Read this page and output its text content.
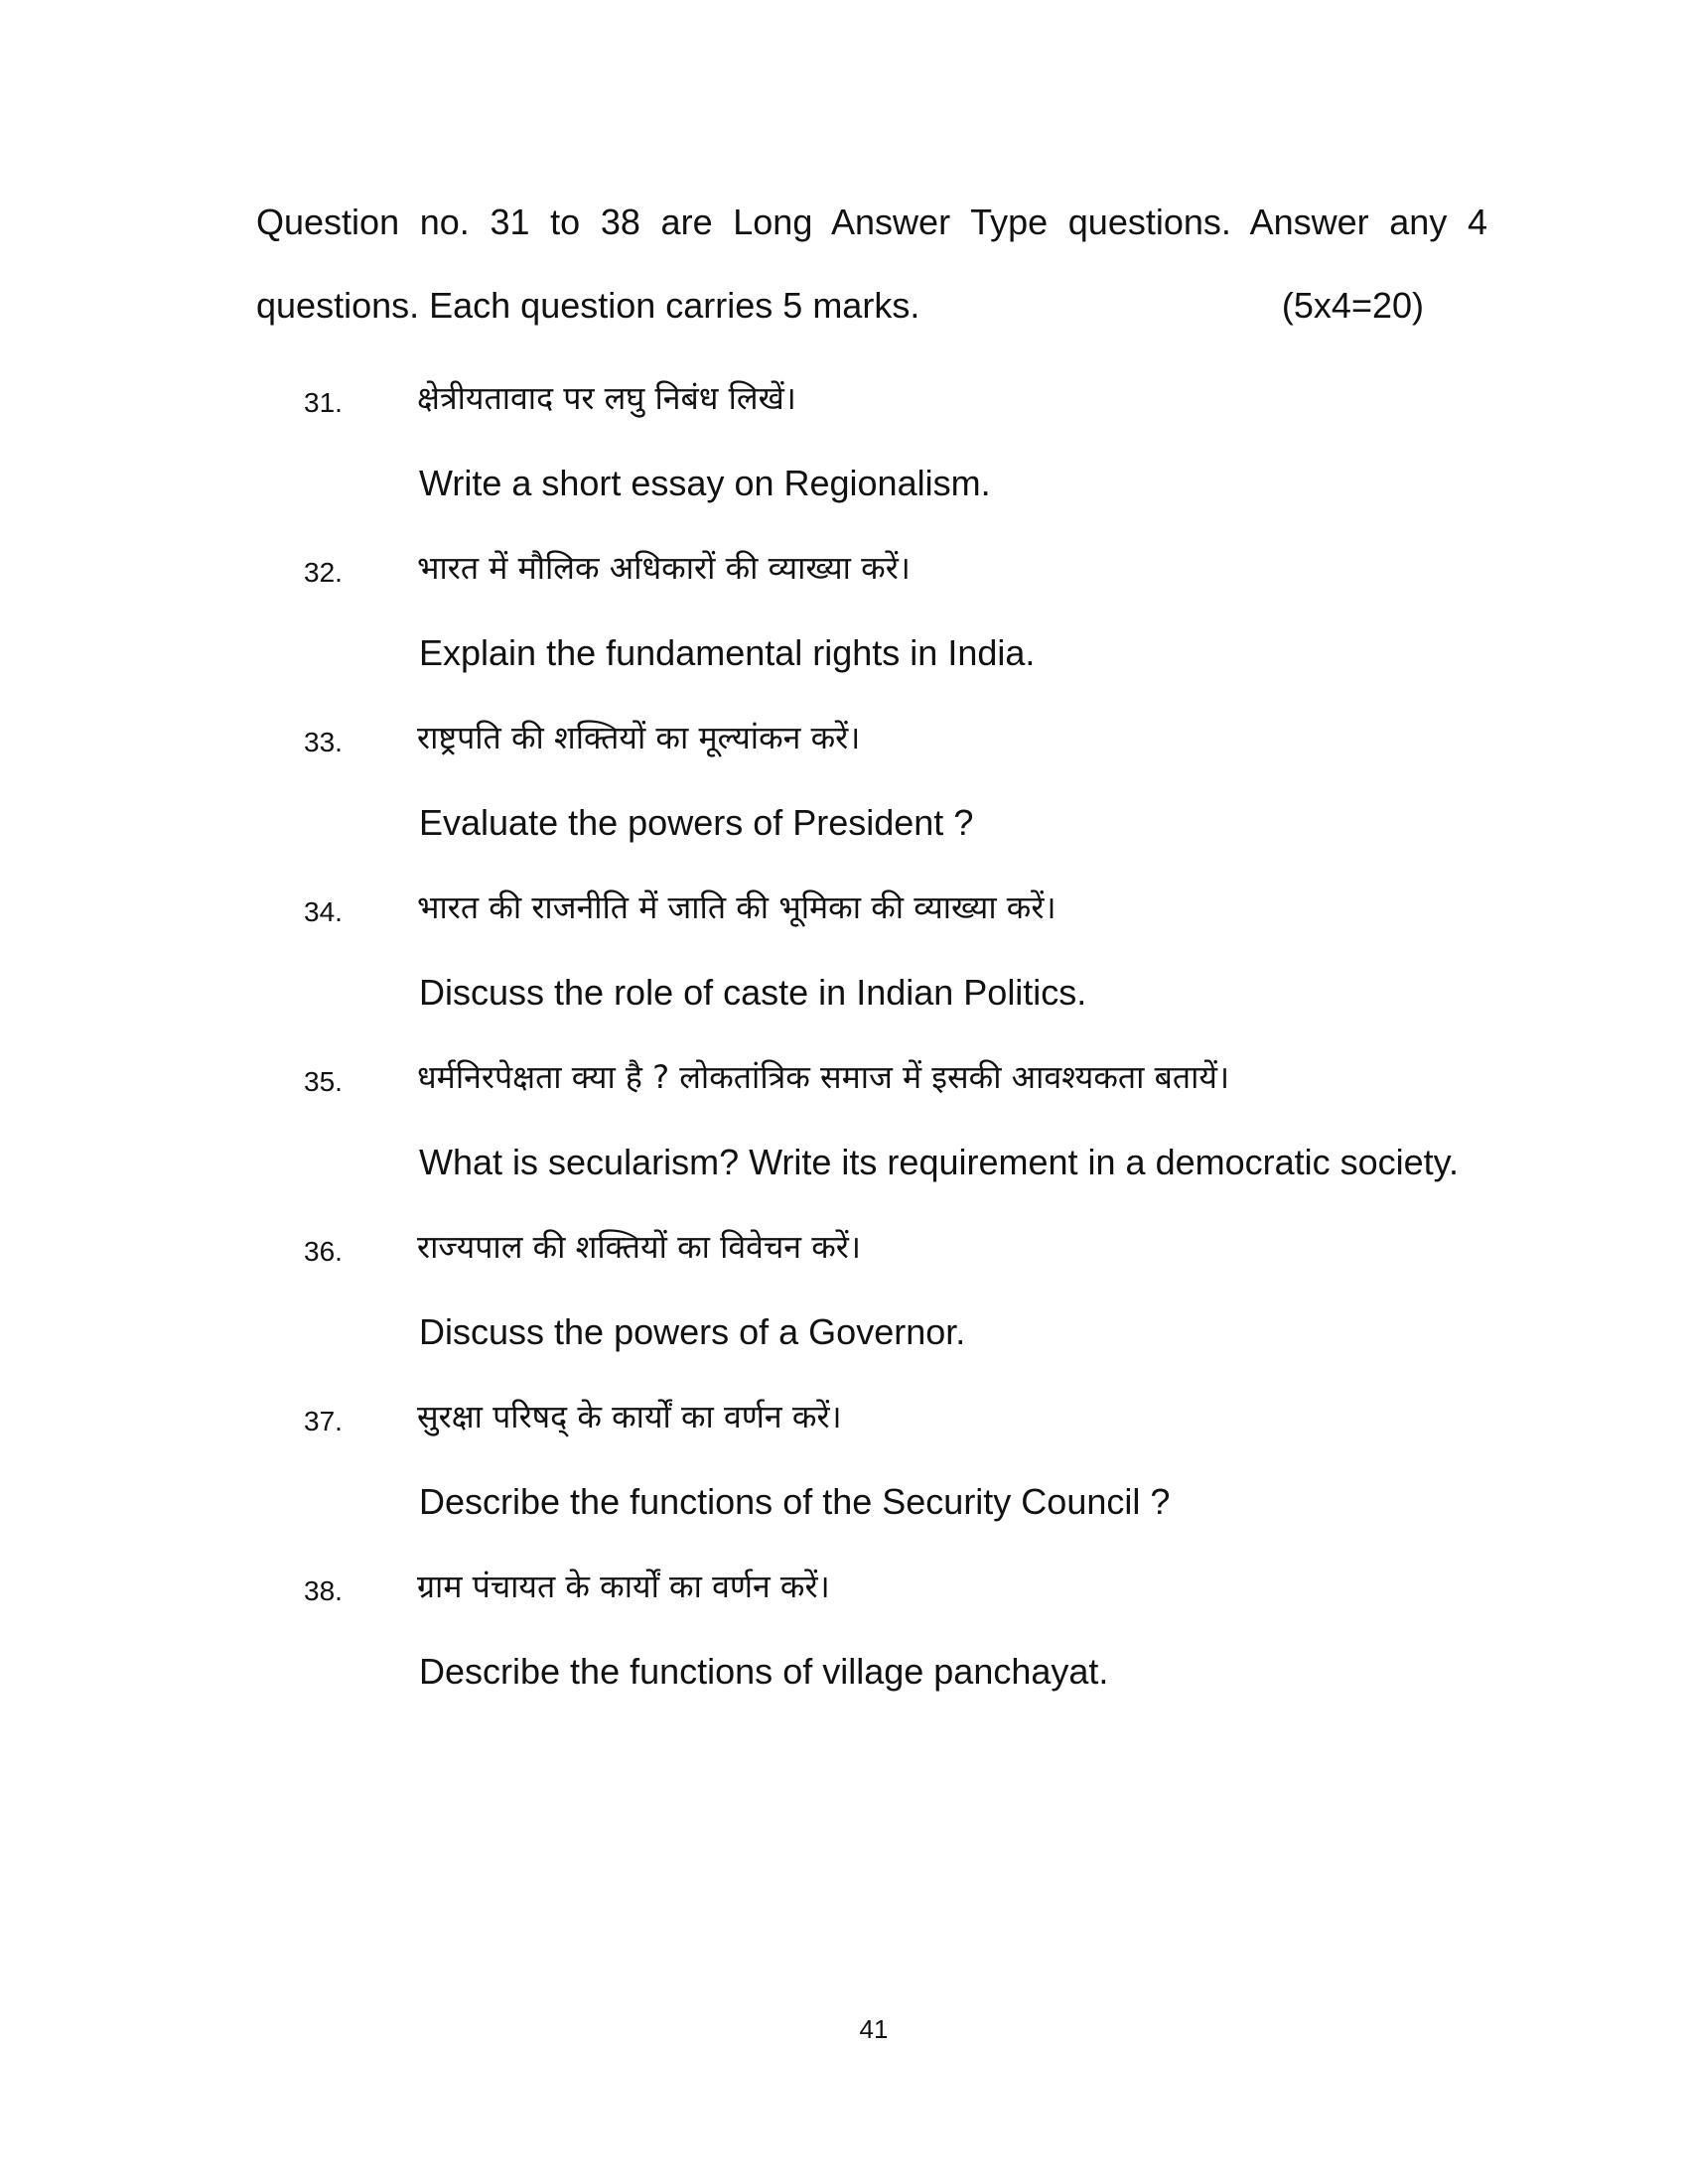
Question no. 31 to 38 are Long Answer Type questions. Answer any 4
questions. Each question carries 5 marks.	(5x4=20)
31. क्षेत्रीयतावाद पर लघु निबंध लिखें।
Write a short essay on Regionalism.
32. भारत में मौलिक अधिकारों की व्याख्या करें।
Explain the fundamental rights in India.
33. राष्ट्रपति की शक्तियों का मूल्यांकन करें।
Evaluate the powers of President ?
34. भारत की राजनीति में जाति की भूमिका की व्याख्या करें।
Discuss the role of caste in Indian Politics.
35. धर्मनिरपेक्षता क्या है ? लोकतांत्रिक समाज में इसकी आवश्यकता बतायें।
What is secularism? Write its requirement in a democratic society.
36. राज्यपाल की शक्तियों का विवेचन करें।
Discuss the powers of a Governor.
37. सुरक्षा परिषद् के कार्यों का वर्णन करें।
Describe the functions of the Security Council ?
38. ग्राम पंचायत के कार्यों का वर्णन करें।
Describe the functions of village panchayat.
41
